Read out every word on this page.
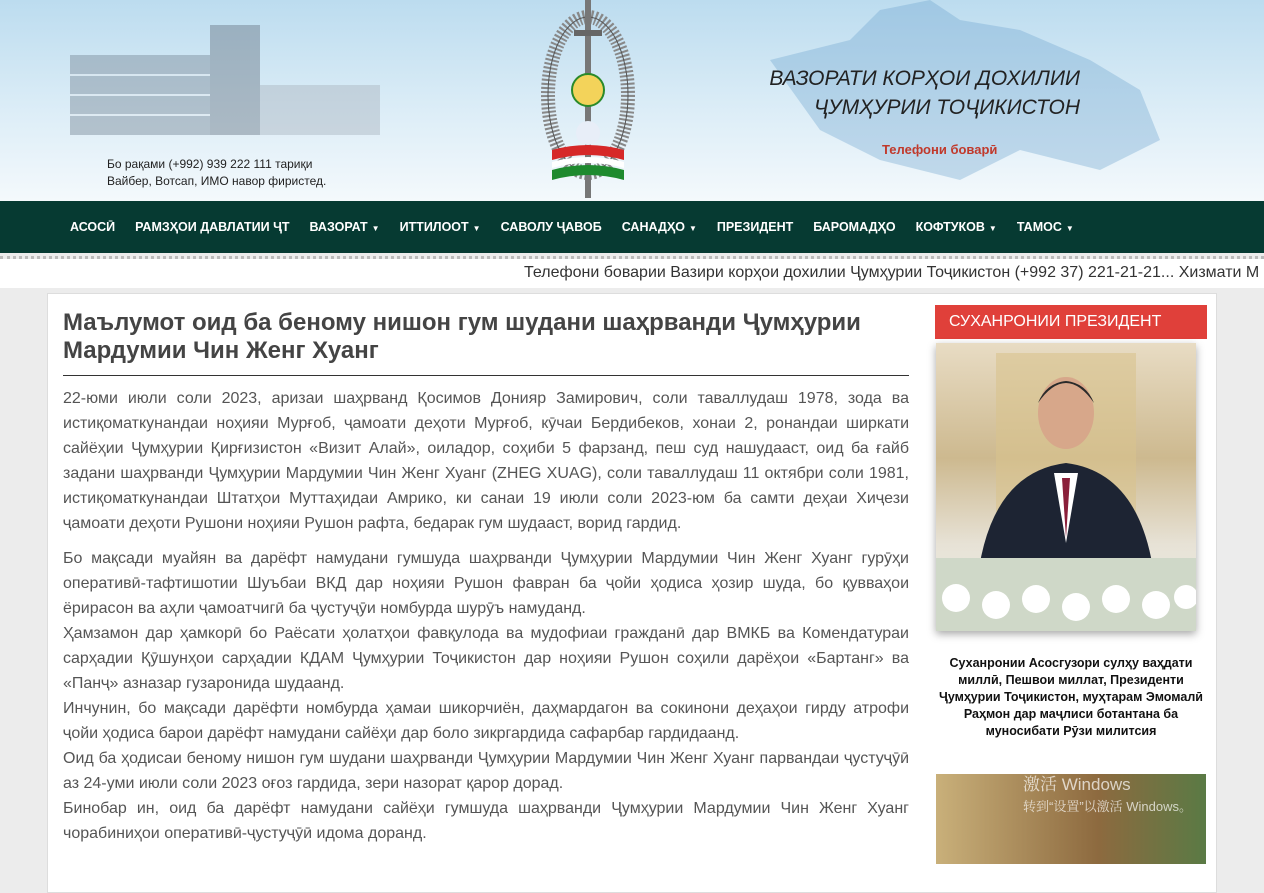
Бо рақами (+992) 939 222 111 тариқи
Вайбер, Вотсап, ИМО навор фиристед.
ВАЗОРАТИ КОРҲОИ ДОХИЛИИ
ҶУМҲУРИИ ТОҶИКИСТОН
Телефони боварӣ
АСОСӢ	РАМЗҲОИ ДАВЛАТИИ ҶТ	ВАЗОРАТ ▼	ИТТИЛООТ ▼	САВОЛУ ҶАВОБ	САНАДҲО ▼	ПРЕЗИДЕНТ	БАРОМАДҲО	КОФТУКОВ ▼	ТАМОС ▼
Телефони боварии Вазири корҳои дохилии Ҷумҳурии Тоҷикистон (+992 37) 221-21-21... Хизмати М
Маълумот оид ба беному нишон гум шудани шаҳрванди Ҷумҳурии Мардумии Чин Женг Хуанг

22-юми июли соли 2023, аризаи шаҳрванд Қосимов Донияр Замирович, соли таваллудаш 1978, зода ва истиқоматкунандаи ноҳияи Мурғоб, ҷамоати деҳоти Мурғоб, кӯчаи Бердибеков, хонаи 2, ронандаи ширкати сайёҳии Ҷумҳурии Қирғизистон «Визит Алай», оиладор, соҳиби 5 фарзанд, пеш суд нашудааст, оид ба ғайб задани шаҳрванди Ҷумҳурии Мардумии Чин Женг Хуанг (ZHEG XUAG), соли таваллудаш 11 октябри соли 1981, истиқоматкунандаи Штатҳои Муттаҳидаи Амрико, ки санаи 19 июли соли 2023-юм ба самти деҳаи Хиҷези ҷамоати деҳоти Рушони ноҳияи Рушон рафта, бедарак гум шудааст, ворид гардид.

Бо мақсади муайян ва дарёфт намудани гумшуда шаҳрванди Ҷумҳурии Мардумии Чин Женг Хуанг гурӯҳи оперативӣ-тафтишотии Шуъбаи ВКД дар ноҳияи Рушон фавран ба ҷойи ҳодиса ҳозир шуда, бо қувваҳои ёрирасон ва аҳли ҷамоатчигӣ ба ҷустуҷӯи номбурда шурӯъ намуданд.

Ҳамзамон дар ҳамкорӣ бо Раёсати ҳолатҳои фавқулода ва мудофиаи гражданӣ дар ВМКБ ва Комендатураи сарҳадии Қӯшунҳои сарҳадии КДАМ Ҷумҳурии Тоҷикистон дар ноҳияи Рушон соҳили дарёҳои «Бартанг» ва «Панҷ» азназар гузаронида шудаанд.

Инчунин, бо мақсади дарёфти номбурда ҳамаи шикорчиён, даҳмардагон ва сокинони деҳаҳои гирду атрофи ҷойи ҳодиса барои дарёфт намудани сайёҳи дар боло зикргардида сафарбар гардидаанд.

Оид ба ҳодисаи беному нишон гум шудани шаҳрванди Ҷумҳурии Мардумии Чин Женг Хуанг парвандаи ҷустуҷӯӣ аз 24-уми июли соли 2023 оғоз гардида, зери назорат қарор дорад.

Бинобар ин, оид ба дарёфт намудани сайёҳи гумшуда шаҳрванди Ҷумҳурии Мардумии Чин Женг Хуанг чорабиниҳои оперативӣ-ҷустуҷӯӣ идома доранд.

СУХАНРОНИИ ПРЕЗИДЕНТ
Суханронии Асосгузори сулҳу ваҳдати миллӣ, Пешвои миллат, Президенти Ҷумҳурии Тоҷикистон, муҳтарам Эмомалӣ Раҳмон дар маҷлиси ботантана ба муносибати Рӯзи милитсия
激活 Windows
转到“设置”以激活 Windows。
